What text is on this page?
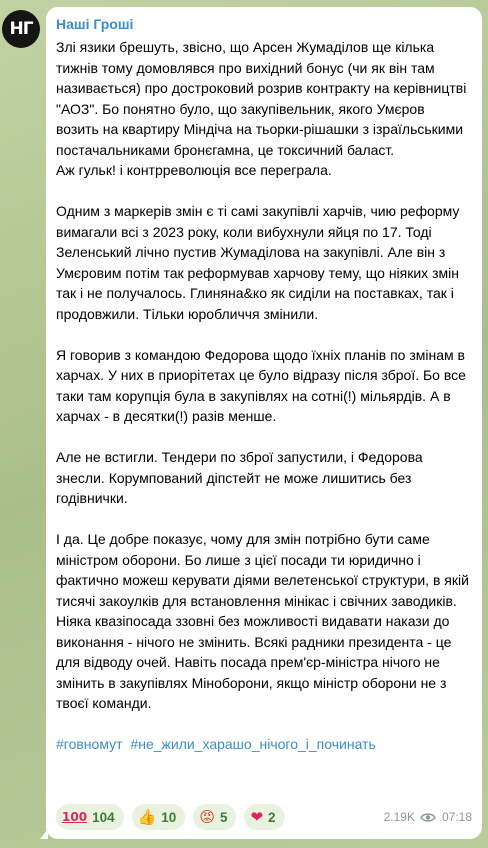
НГ Наші Гроші

Злі язики брешуть, звісно, що Арсен Жумаділов ще кілька тижнів тому домовлявся про вихідний бонус (чи як він там називається) про достроковий розрив контракту на керівництві "АОЗ". Бо понятно було, що закупівельник, якого Умєров возить на квартиру Міндіча на тьорки-рішашки з ізраїльськими постачальниками бронєгамна, це токсичний баласт.

Аж гульк! і контрреволюція все переграла.

Одним з маркерів змін є ті самі закупівлі харчів, чию реформу вимагали всі з 2023 року, коли вибухнули яйця по 17. Тоді Зеленський лічно пустив Жумаділова на закупівлі. Але він з Умєровим потім так реформував харчову тему, що ніяких змін так і не получалось. Глиняна&ко як сиділи на поставках, так і продовжили. Тільки юробличчя змінили.

Я говорив з командою Федорова щодо їхніх планів по змінам в харчах. У них в приорітетах це було відразу після зброї. Бо все таки там корупція була в закупівлях на сотні(!) мільярдів. А в харчах - в десятки(!) разів менше.

Але не встигли. Тендери по зброї запустили, і Федорова знесли. Корумпований діпстейт не може лишитись без годівнички.

І да. Це добре показує, чому для змін потрібно бути саме міністром оборони. Бо лише з цієї посади ти юридично і фактично можеш керувати діями велетенської структури, в якій тисячі закоулків для встановлення мінікас і свічних заводиків. Ніяка квазіпосада ззовні без можливості видавати накази до виконання - нічого не змінить. Всякі радники президента - це для відводу очей. Навіть посада прем'єр-міністра нічого не змінить в закупівлях Міноборони, якщо міністр оборони не з твоєї команди.

#говномут #не_жили_харашо_нічого_і_починать
100 104 👍 10 😡 5 ❤ 2	2.19K 07:18
